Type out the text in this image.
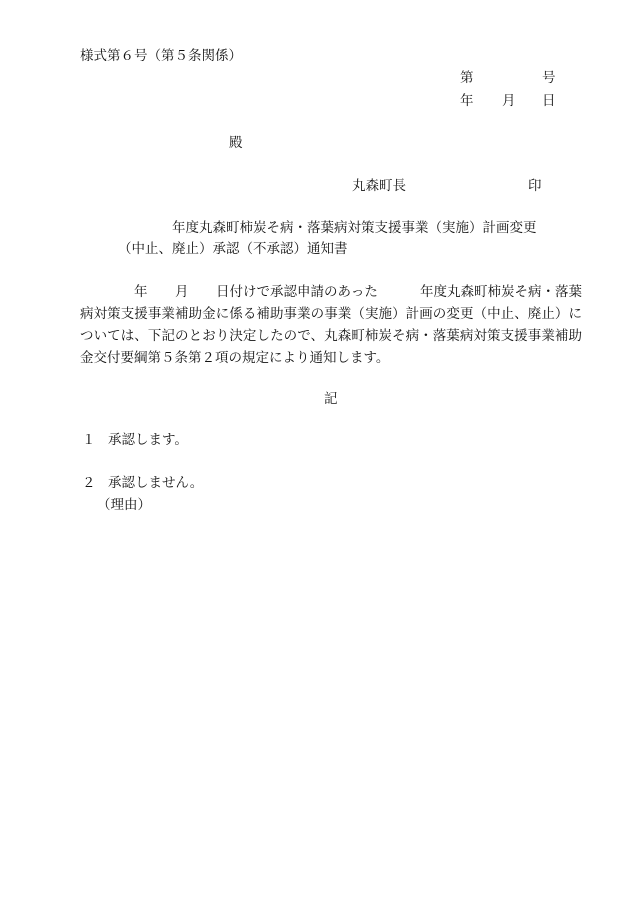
様式第６号（第５条関係）
第	号
年 月 日
殿
丸森町長	印
年度丸森町柿炭そ病・落葉病対策支援事業（実施）計画変更
（中止、廃止）承認（不承認）通知書
年 月 日付けで承認申請のあった	年度丸森町柿炭そ病・落葉
病対策支援事業補助金に係る補助事業の事業（実施）計画の変更（中止、廃止）に
ついては、下記のとおり決定したので、丸森町柿炭そ病・落葉病対策支援事業補助
金交付要綱第５条第２項の規定により通知します。
記
１ 承認します。
２ 承認しません。
（理由）
